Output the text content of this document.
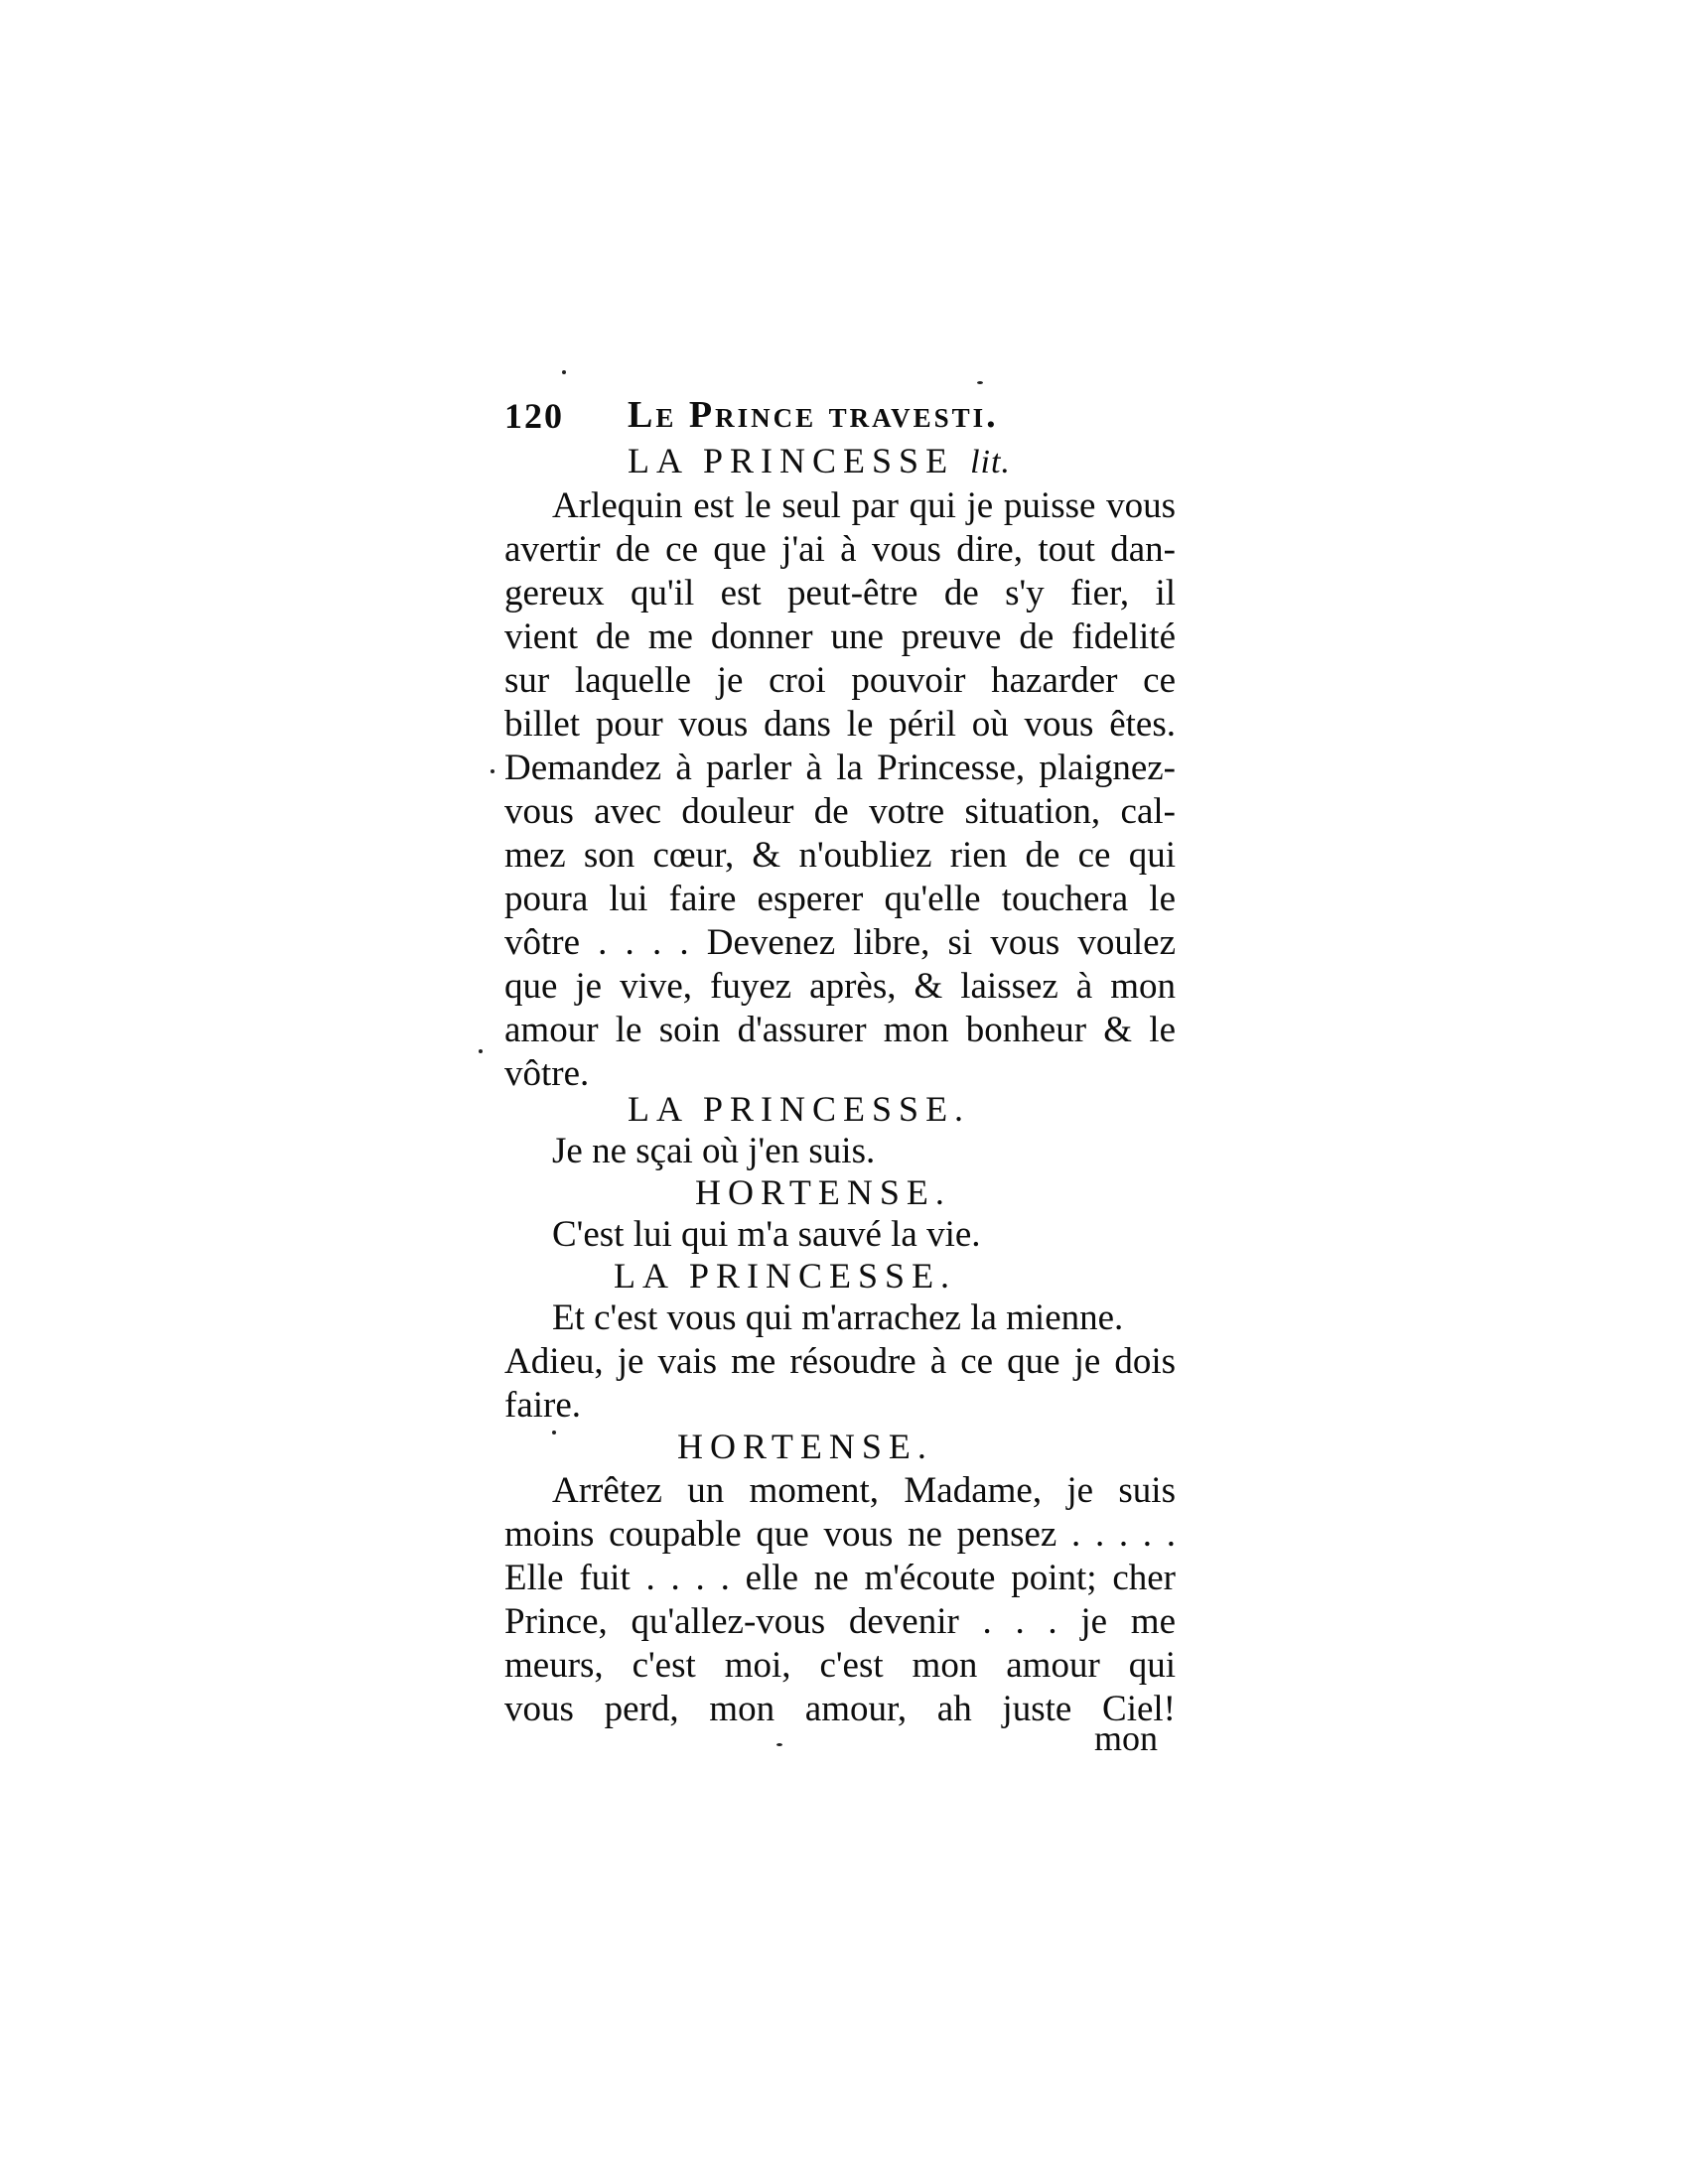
120 Le Prince travesti.
LA PRINCESSE lit.
Arlequin est le seul par qui je puisse vous
avertir de ce que j'ai à vous dire, tout dan-
gereux qu'il est peut-être de s'y fier, il
vient de me donner une preuve de fidelité
sur laquelle je croi pouvoir hazarder ce
billet pour vous dans le péril où vous êtes.
Demandez à parler à la Princesse, plaignez-
vous avec douleur de votre situation, cal-
mez son cœur, & n'oubliez rien de ce qui
poura lui faire esperer qu'elle touchera le
vôtre . . . . Devenez libre, si vous voulez
que je vive, fuyez après, & laissez à mon
amour le soin d'assurer mon bonheur & le
vôtre.
LA PRINCESSE.
Je ne sçai où j'en suis.
HORTENSE.
C'est lui qui m'a sauvé la vie.
LA PRINCESSE.
Et c'est vous qui m'arrachez la mienne.
Adieu, je vais me résoudre à ce que je dois
faire.
HORTENSE.
Arrêtez un moment, Madame, je suis
moins coupable que vous ne pensez . . . . .
Elle fuit . . . . elle ne m'écoute point; cher
Prince, qu'allez-vous devenir . . . je me
meurs, c'est moi, c'est mon amour qui
vous perd, mon amour, ah juste Ciel!
mon
